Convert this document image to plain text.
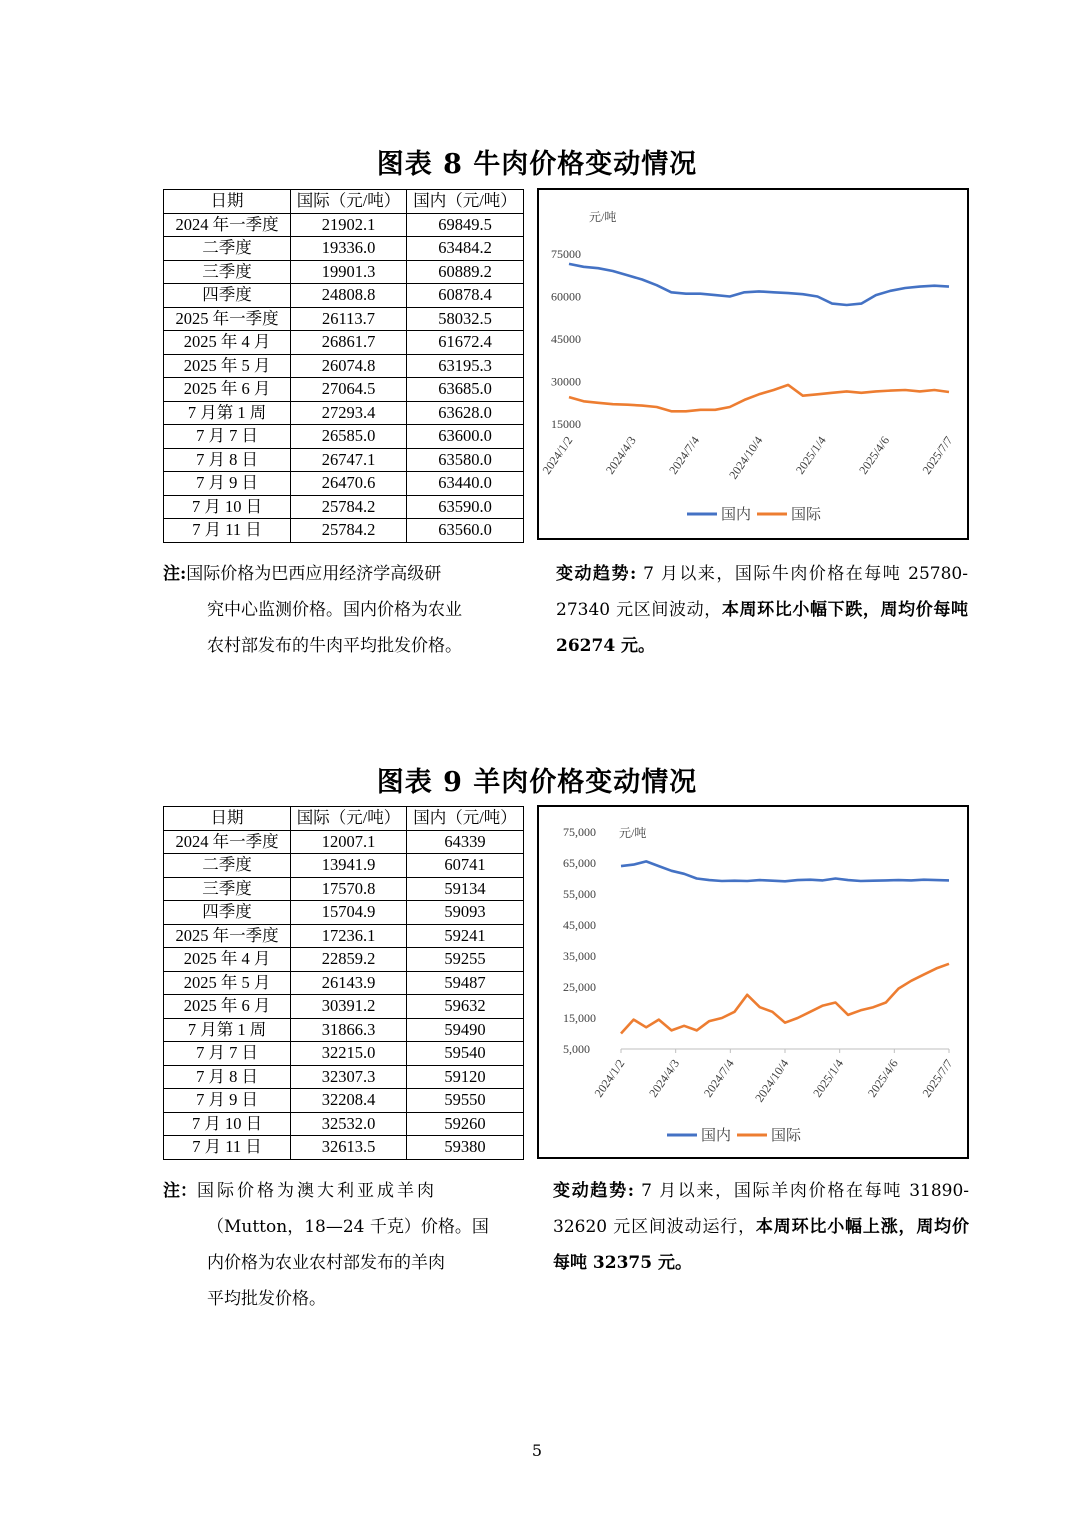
图表 8 牛肉价格变动情况
日期	国际（元/吨）	国内（元/吨）
2024 年一季度	21902.1	69849.5
二季度	19336.0	63484.2
三季度	19901.3	60889.2
四季度	24808.8	60878.4
2025 年一季度	26113.7	58032.5
2025 年 4 月	26861.7	61672.4
2025 年 5 月	26074.8	63195.3
2025 年 6 月	27064.5	63685.0
7 月第 1 周	27293.4	63628.0
7 月 7 日	26585.0	63600.0
7 月 8 日	26747.1	63580.0
7 月 9 日	26470.6	63440.0
7 月 10 日	25784.2	63590.0
7 月 11 日	25784.2	63560.0
元/吨
75000
60000
45000
30000
15000
2024/1/2 2024/4/3 2024/7/4 2024/10/4 2025/1/4 2025/4/6 2025/7/7
国内	国际
注:国际价格为巴西应用经济学高级研
究中心监测价格。国内价格为农业
农村部发布的牛肉平均批发价格。
变动趋势: 7 月以来，国际牛肉价格在每吨 25780-27340 元区间波动，本周环比小幅下跌，周均价每吨 26274 元。
图表 9 羊肉价格变动情况
日期	国际（元/吨）	国内（元/吨）
2024 年一季度	12007.1	64339
二季度	13941.9	60741
三季度	17570.8	59134
四季度	15704.9	59093
2025 年一季度	17236.1	59241
2025 年 4 月	22859.2	59255
2025 年 5 月	26143.9	59487
2025 年 6 月	30391.2	59632
7 月第 1 周	31866.3	59490
7 月 7 日	32215.0	59540
7 月 8 日	32307.3	59120
7 月 9 日	32208.4	59550
7 月 10 日	32532.0	59260
7 月 11 日	32613.5	59380
元/吨
75,000
65,000
55,000
45,000
35,000
25,000
15,000
5,000
2024/1/2 2024/4/3 2024/7/4 2024/10/4 2025/1/4 2025/4/6 2025/7/7
国内	国际
注：国际价格为澳大利亚成羊肉
（Mutton，18—24 千克）价格。国
内价格为农业农村部发布的羊肉
平均批发价格。
变动趋势: 7 月以来，国际羊肉价格在每吨 31890-32620 元区间波动运行，本周环比小幅上涨，周均价每吨 32375 元。
5
